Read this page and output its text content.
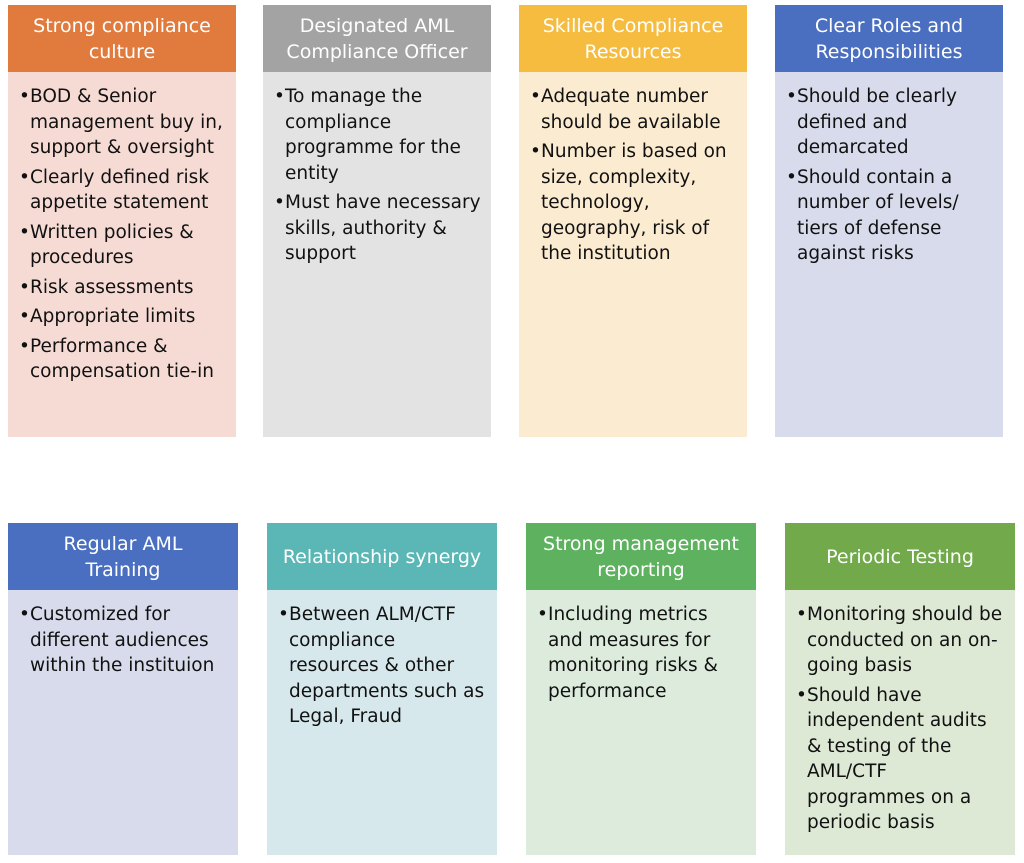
Strong compliance
culture
• BOD & Senior management buy in, support & oversight
• Clearly defined risk appetite statement
• Written policies & procedures
• Risk assessments
• Appropriate limits
• Performance & compensation tie-in
Designated AML
Compliance Officer
• To manage the compliance programme for the entity
• Must have necessary skills, authority & support
Skilled Compliance
Resources
• Adequate number should be available
• Number is based on size, complexity, technology, geography, risk of the institution
Clear Roles and
Responsibilities
• Should be clearly defined and demarcated
• Should contain a number of levels/ tiers of defense against risks
Regular AML
Training
• Customized for different audiences within the instituion
Relationship synergy
• Between ALM/CTF compliance resources & other departments such as Legal, Fraud
Strong management
reporting
• Including metrics and measures for monitoring risks & performance
Periodic Testing
• Monitoring should be conducted on an on-going basis
• Should have independent audits & testing of the AML/CTF programmes on a periodic basis
